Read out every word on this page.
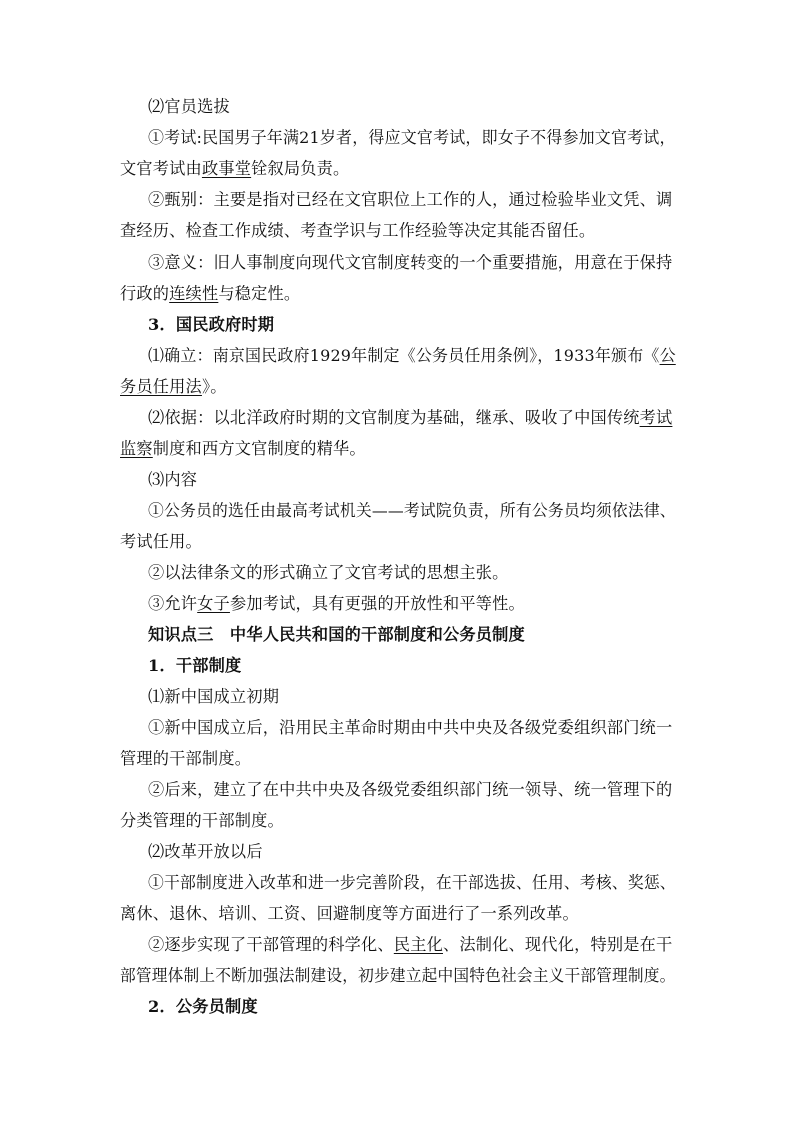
⑵官员选拔
①考试:民国男子年满21岁者，得应文官考试，即女子不得参加文官考试，
文官考试由政事堂铨叙局负责。
②甄别：主要是指对已经在文官职位上工作的人，通过检验毕业文凭、调
查经历、检查工作成绩、考查学识与工作经验等决定其能否留任。
③意义：旧人事制度向现代文官制度转变的一个重要措施，用意在于保持
行政的连续性与稳定性。
3．国民政府时期
⑴确立：南京国民政府1929年制定《公务员任用条例》，1933年颁布《公
务员任用法》。
⑵依据：以北洋政府时期的文官制度为基础，继承、吸收了中国传统考试
监察制度和西方文官制度的精华。
⑶内容
①公务员的选任由最高考试机关——考试院负责，所有公务员均须依法律、
考试任用。
②以法律条文的形式确立了文官考试的思想主张。
③允许女子参加考试，具有更强的开放性和平等性。
知识点三　中华人民共和国的干部制度和公务员制度
1．干部制度
⑴新中国成立初期
①新中国成立后，沿用民主革命时期由中共中央及各级党委组织部门统一
管理的干部制度。
②后来，建立了在中共中央及各级党委组织部门统一领导、统一管理下的
分类管理的干部制度。
⑵改革开放以后
①干部制度进入改革和进一步完善阶段，在干部选拔、任用、考核、奖惩、
离休、退休、培训、工资、回避制度等方面进行了一系列改革。
②逐步实现了干部管理的科学化、民主化、法制化、现代化，特别是在干
部管理体制上不断加强法制建设，初步建立起中国特色社会主义干部管理制度。
2．公务员制度
